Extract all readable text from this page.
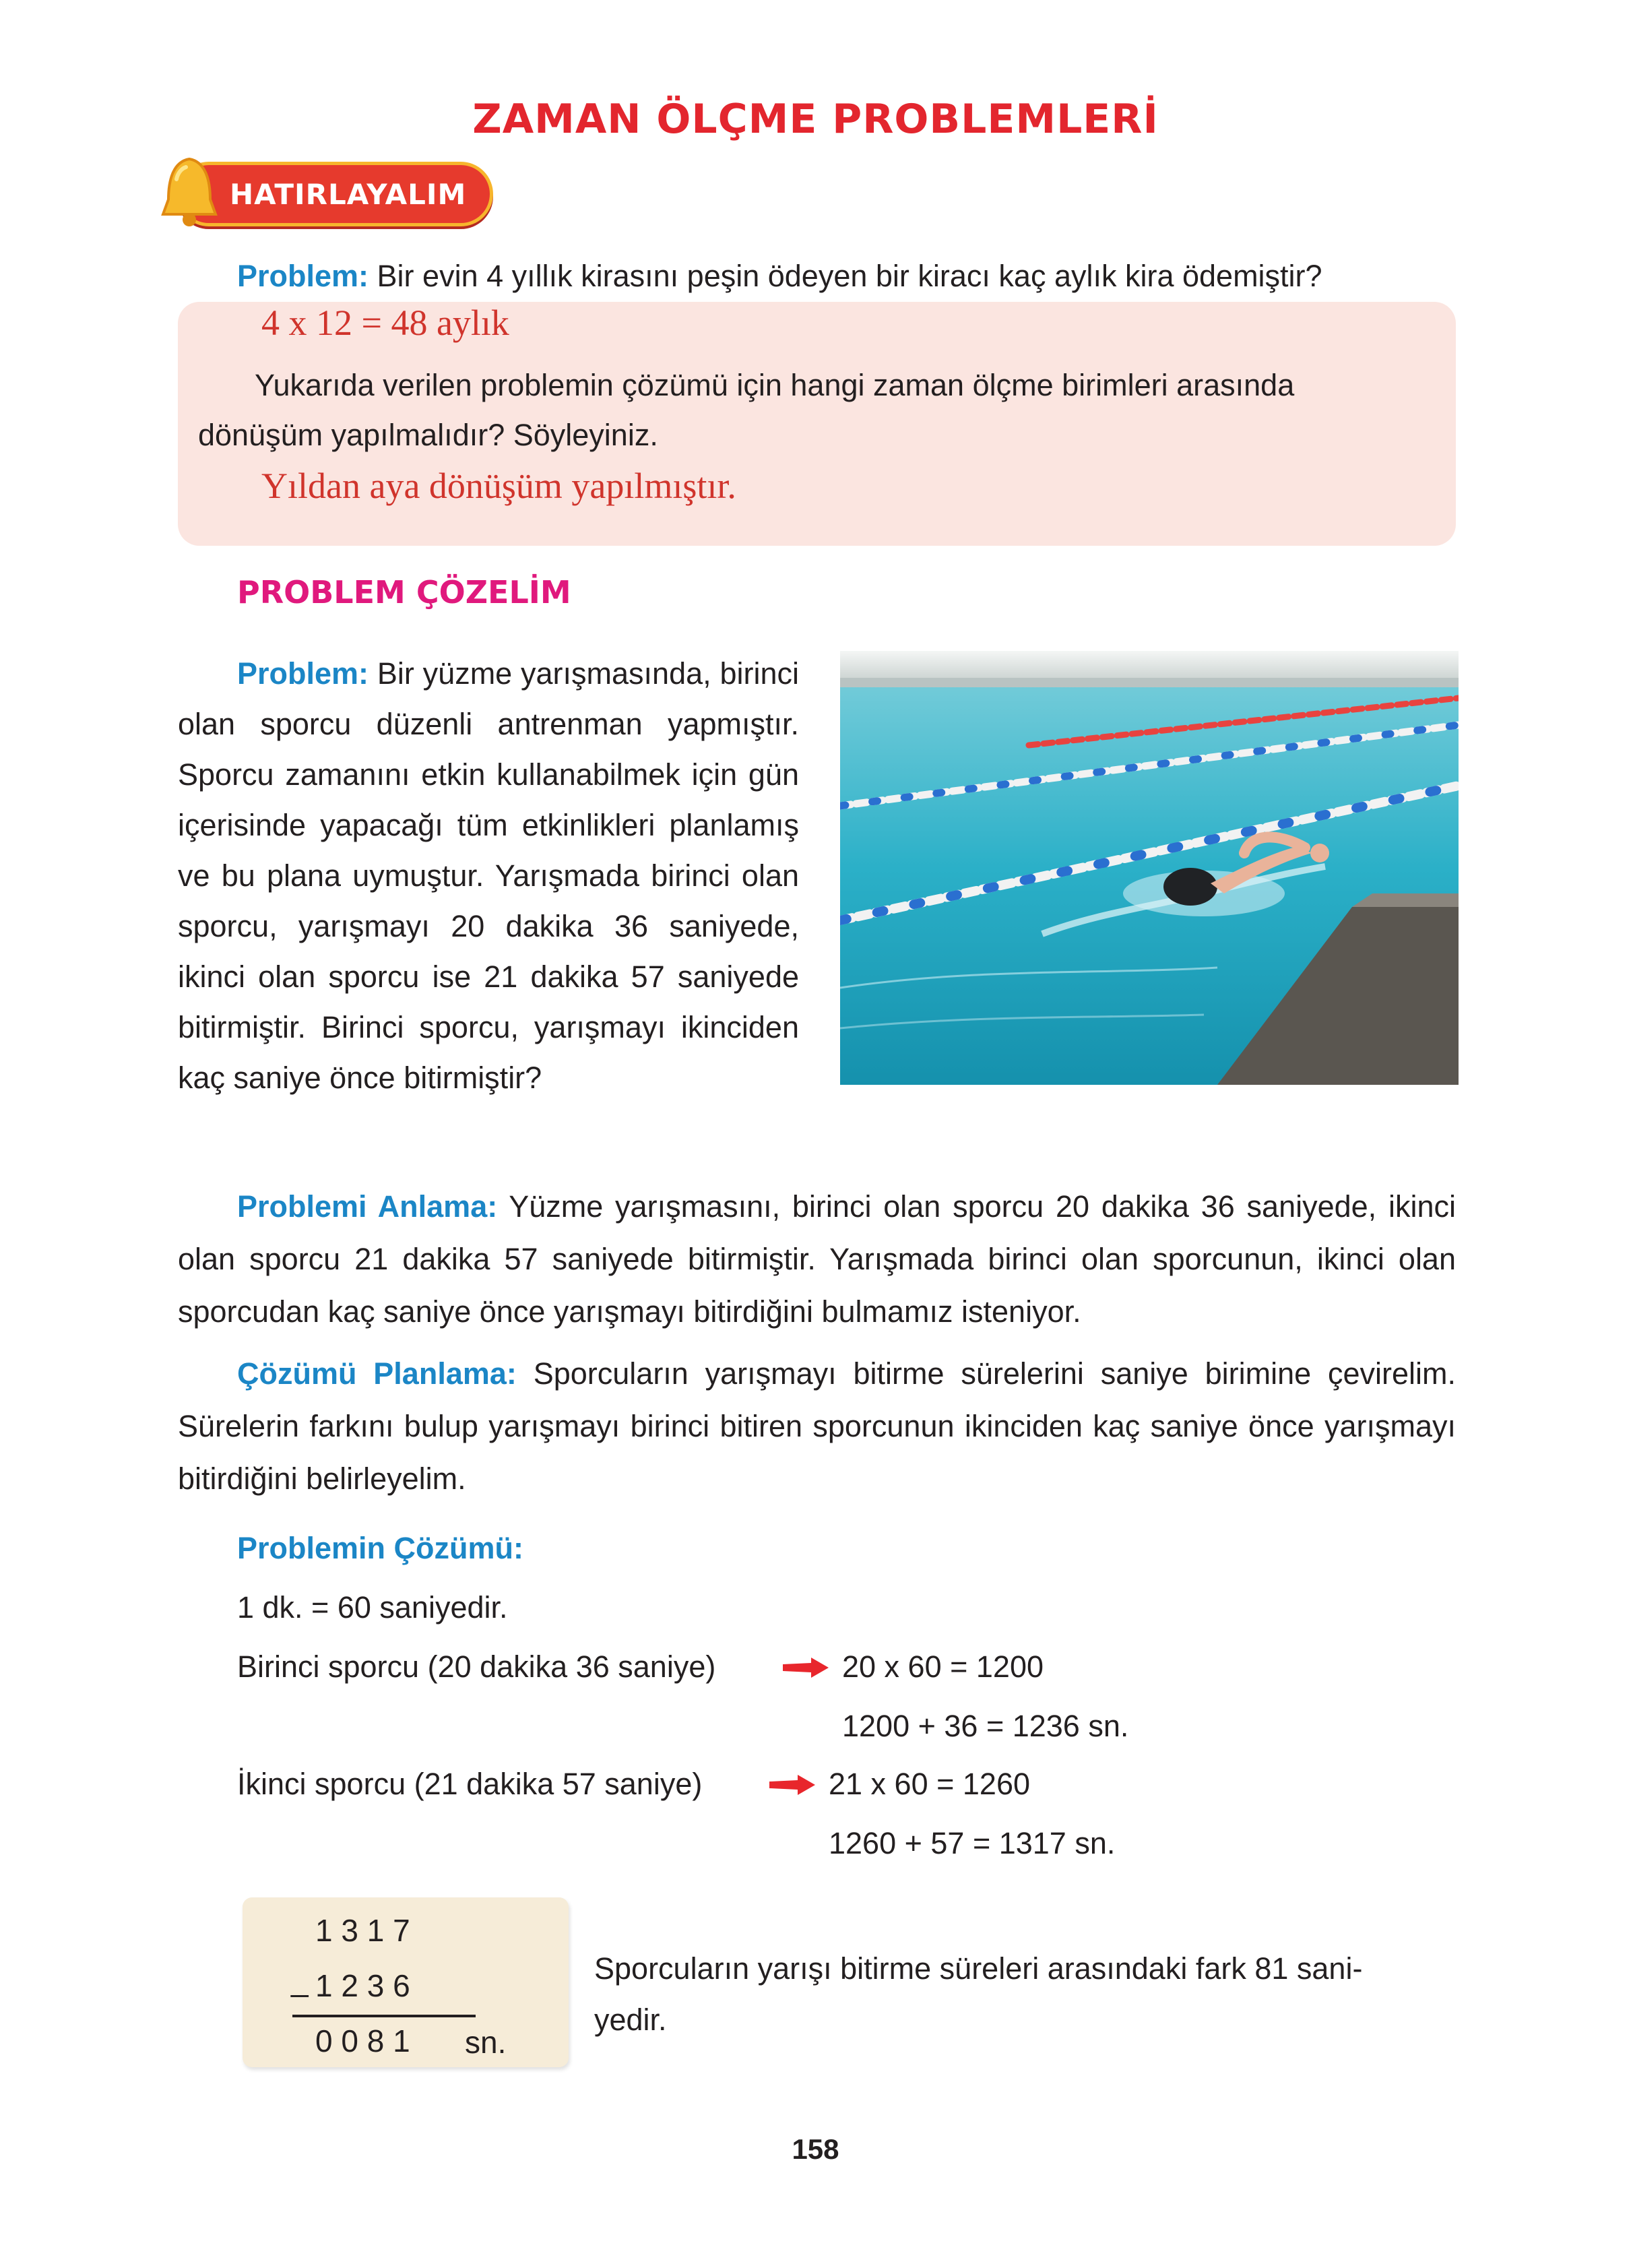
ZAMAN ÖLÇME PROBLEMLERİ
HATIRLAYALIM
Problem: Bir evin 4 yıllık kirasını peşin ödeyen bir kiracı kaç aylık kira ödemiştir?
4 x 12 = 48 aylık
Yukarıda verilen problemin çözümü için hangi zaman ölçme birimleri arasında
dönüşüm yapılmalıdır? Söyleyiniz.
Yıldan aya dönüşüm yapılmıştır.
PROBLEM ÇÖZELİM

Problem: Bir yüzme yarışmasında, birinci olan sporcu düzenli antrenman yapmıştır. Sporcu zamanını etkin kullanabilmek için gün içerisinde yapacağı tüm etkinlikleri planlamış ve bu plana uymuştur. Yarışmada birinci olan sporcu, yarışmayı 20 dakika 36 saniyede, ikinci olan sporcu ise 21 dakika 57 saniyede bitirmiştir. Birinci sporcu, yarışmayı ikinciden kaç saniye önce bitirmiştir?

Problemi Anlama: Yüzme yarışmasını, birinci olan sporcu 20 dakika 36 saniyede, ikinci olan sporcu 21 dakika 57 saniyede bitirmiştir. Yarışmada birinci olan sporcunun, ikinci olan sporcudan kaç saniye önce yarışmayı bitirdiğini bulmamız isteniyor.

Çözümü Planlama: Sporcuların yarışmayı bitirme sürelerini saniye birimine çevirelim. Sürelerin farkını bulup yarışmayı birinci bitiren sporcunun ikinciden kaç saniye önce yarışmayı bitirdiğini belirleyelim.

Problemin Çözümü:
1 dk. = 60 saniyedir.
Birinci sporcu (20 dakika 36 saniye)	20 x 60 = 1200
1200 + 36 = 1236 sn.
İkinci sporcu (21 dakika 57 saniye)	21 x 60 = 1260
1260 + 57 = 1317 sn.
1 3 1 7
_ 1 2 3 6
0 0 8 1 sn.
Sporcuların yarışı bitirme süreleri arasındaki fark 81 sani-
yedir.
158
